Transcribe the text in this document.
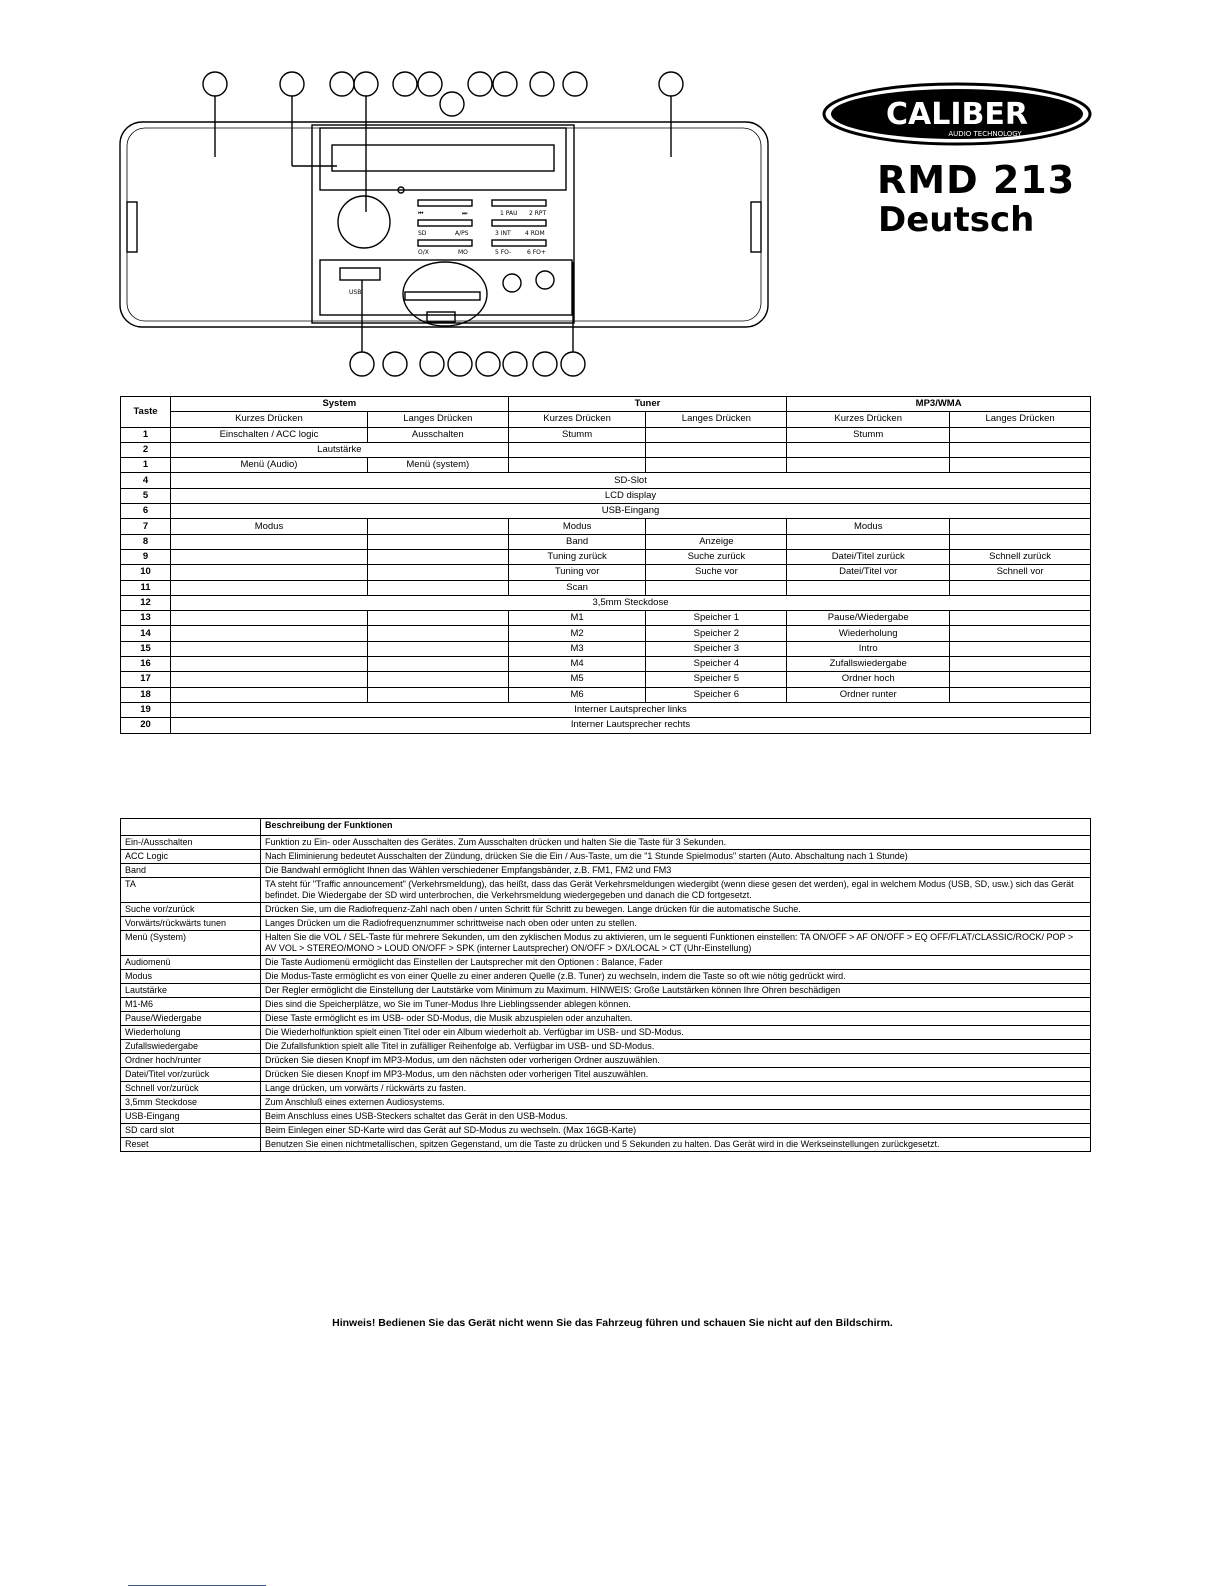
USB
⏮	⏭	1 PAU 2 RPT
SD	A/PS	3 INT 4 RDM
O/X	MO	5 FO-	6 FO+
CALIBER
AUDIO TECHNOLOGY
RMD 213
Deutsch
Taste	System		Tuner		MP3/WMA	
	Kurzes Drücken	Langes Drücken	Kurzes Drücken	Langes Drücken	Kurzes Drücken	Langes Drücken
1	Einschalten / ACC logic	Ausschalten	Stumm		Stumm	
2	Lautstärke					
1	Menü (Audio)	Menü (system)				
4	SD-Slot					
5	LCD display					
6	USB-Eingang					
7	Modus		Modus		Modus	
8			Band	Anzeige		
9			Tuning zurück	Suche zurück	Datei/Titel zurück	Schnell zurück
10			Tuning vor	Suche vor	Datei/Titel vor	Schnell vor
11			Scan			
12	3,5mm Steckdose					
13			M1	Speicher 1	Pause/Wiedergabe	
14			M2	Speicher 2	Wiederholung	
15			M3	Speicher 3	Intro	
16			M4	Speicher 4	Zufallswiedergabe	
17			M5	Speicher 5	Ordner hoch	
18			M6	Speicher 6	Ordner runter	
19	Interner Lautsprecher links					
20	Interner Lautsprecher rechts					
	Beschreibung der Funktionen
Ein-/Ausschalten	Funktion zu Ein- oder Ausschalten des Gerätes. Zum Ausschalten drücken und halten Sie die Taste für 3 Sekunden.
ACC Logic	Nach Eliminierung bedeutet Ausschalten der Zündung, drücken Sie die Ein / Aus-Taste, um die "1 Stunde Spielmodus" starten (Auto. Abschaltung nach 1 Stunde)
Band	Die Bandwahl ermöglicht Ihnen das Wählen verschiedener Empfangsbänder, z.B. FM1, FM2 und FM3
TA	TA steht für "Traffic announcement" (Verkehrsmeldung), das heißt, dass das Gerät Verkehrsmeldungen wiedergibt (wenn diese gesen det werden), egal in welchem Modus (USB, SD, usw.) sich das Gerät befindet. Die Wiedergabe der SD wird unterbrochen, die Verkehrsmeldung wiedergegeben und danach die CD fortgesetzt.
Suche vor/zurück	Drücken Sie, um die Radiofrequenz-Zahl nach oben / unten Schritt für Schritt zu bewegen. Lange drücken für die automatische Suche.
Vorwärts/rückwärts tunen	Langes Drücken um die Radiofrequenznummer schrittweise nach oben oder unten zu stellen.
Menü (System)	Halten Sie die VOL / SEL-Taste für mehrere Sekunden, um den zyklischen Modus zu aktivieren, um le seguenti Funktionen einstellen: TA ON/OFF > AF ON/OFF > EQ OFF/FLAT/CLASSIC/ROCK/ POP > AV VOL > STEREO/MONO > LOUD ON/OFF > SPK (interner Lautsprecher) ON/OFF > DX/LOCAL > CT (Uhr-Einstellung)
Audiomenü	Die Taste Audiomenü ermöglicht das Einstellen der Lautsprecher mit den Optionen : Balance, Fader
Modus	Die Modus-Taste ermöglicht es von einer Quelle zu einer anderen Quelle (z.B. Tuner) zu wechseln, indem die Taste so oft wie nötig gedrückt wird.
Lautstärke	Der Regler ermöglicht die Einstellung der Lautstärke vom Minimum zu Maximum. HINWEIS: Große Lautstärken können Ihre Ohren beschädigen
M1-M6	Dies sind die Speicherplätze, wo Sie im Tuner-Modus Ihre Lieblingssender ablegen können.
Pause/Wiedergabe	Diese Taste ermöglicht es im USB- oder SD-Modus, die Musik abzuspielen oder anzuhalten.
Wiederholung	Die Wiederholfunktion spielt einen Titel oder ein Album wiederholt ab. Verfügbar im USB- und SD-Modus.
Zufallswiedergabe	Die Zufallsfunktion spielt alle Titel in zufälliger Reihenfolge ab. Verfügbar im USB- und SD-Modus.
Ordner hoch/runter	Drücken Sie diesen Knopf im MP3-Modus, um den nächsten oder vorherigen Ordner auszuwählen.
Datei/Titel vor/zurück	Drücken Sie diesen Knopf im MP3-Modus, um den nächsten oder vorherigen Titel auszuwählen.
Schnell vor/zurück	Lange drücken, um vorwärts / rückwärts zu fasten.
3,5mm Steckdose	Zum Anschluß eines externen Audiosystems.
USB-Eingang	Beim Anschluss eines USB-Steckers schaltet das Gerät in den USB-Modus.
SD card slot	Beim Einlegen einer SD-Karte wird das Gerät auf SD-Modus zu wechseln. (Max 16GB-Karte)
Reset	Benutzen Sie einen nichtmetallischen, spitzen Gegenstand, um die Taste zu drücken und 5 Sekunden zu halten. Das Gerät wird in die Werkseinstellungen zurückgesetzt.
Hinweis! Bedienen Sie das Gerät nicht wenn Sie das Fahrzeug führen und schauen Sie nicht auf den Bildschirm.
